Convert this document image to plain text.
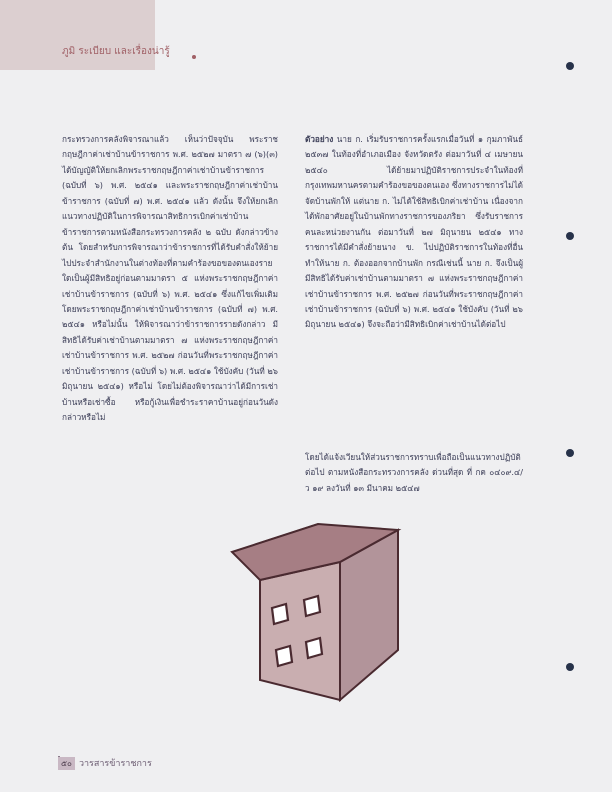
ภูมิ ระเบียบ และเรื่องน่ารู้

กระทรวงการคลังพิจารณาแล้ว เห็นว่าปัจจุบัน พระราชกฤษฎีกาค่าเช่าบ้านข้าราชการ พ.ศ. ๒๕๒๗ มาตรา ๗ (๖)(๓) ได้บัญญัติให้ยกเลิกพระราชกฤษฎีกาค่าเช่าบ้านข้าราชการ (ฉบับที่ ๖) พ.ศ. ๒๕๔๑ และพระราชกฤษฎีกาค่าเช่าบ้านข้าราชการ (ฉบับที่ ๗) พ.ศ. ๒๕๔๑ แล้ว ดังนั้น จึงให้ยกเลิกแนวทางปฏิบัติในการพิจารณาสิทธิการเบิกค่าเช่าบ้านข้าราชการตามหนังสือกระทรวงการคลัง ๒ ฉบับ ดังกล่าวข้างต้น โดยสำหรับการพิจารณาว่าข้าราชการที่ได้รับคำสั่งให้ย้ายไปประจำสำนักงานในต่างท้องที่ตามคำร้องขอของตนเองราย ใดเป็นผู้มีสิทธิอยู่ก่อนตามมาตรา ๕ แห่งพระราชกฤษฎีกาค่าเช่าบ้านข้าราชการ (ฉบับที่ ๖) พ.ศ. ๒๕๔๑ ซึ่งแก้ไขเพิ่มเติมโดยพระราชกฤษฎีกาค่าเช่าบ้านข้าราชการ (ฉบับที่ ๗) พ.ศ. ๒๕๔๑ หรือไม่นั้น ให้พิจารณาว่าข้าราชการรายดังกล่าว มีสิทธิได้รับค่าเช่าบ้านตามมาตรา ๗ แห่งพระราชกฤษฎีกาค่าเช่าบ้านข้าราชการ พ.ศ. ๒๕๒๗ ก่อนวันที่พระราชกฤษฎีกาค่าเช่าบ้านข้าราชการ (ฉบับที่ ๖) พ.ศ. ๒๕๔๑ ใช้บังคับ (วันที่ ๒๖ มิถุนายน ๒๕๔๑) หรือไม่ โดยไม่ต้องพิจารณาว่าได้มีการเช่าบ้านหรือเช่าซื้อ หรือกู้เงินเพื่อชำระราคาบ้านอยู่ก่อนวันดังกล่าวหรือไม่

ตัวอย่าง นาย ก. เริ่มรับราชการครั้งแรกเมื่อวันที่ ๑ กุมภาพันธ์ ๒๕๓๗ ในท้องที่อำเภอเมือง จังหวัดตรัง ต่อมาวันที่ ๔ เมษายน ๒๕๔๐ ได้ย้ายมาปฏิบัติราชการประจำในท้องที่กรุงเทพมหานครตามคำร้องขอของตนเอง ซึ่งทางราชการไม่ได้จัดบ้านพักให้ แต่นาย ก. ไม่ได้ใช้สิทธิเบิกค่าเช่าบ้าน เนื่องจากได้พักอาศัยอยู่ในบ้านพักทางราชการของภริยา ซึ่งรับราชการคนละหน่วยงานกัน ต่อมาวันที่ ๒๗ มิถุนายน ๒๕๔๑ ทางราชการได้มีคำสั่งย้ายนาง ข. ไปปฏิบัติราชการในท้องที่อื่น ทำให้นาย ก. ต้องออกจากบ้านพัก กรณีเช่นนี้ นาย ก. จึงเป็นผู้มีสิทธิได้รับค่าเช่าบ้านตามมาตรา ๗ แห่งพระราชกฤษฎีกาค่าเช่าบ้านข้าราชการ พ.ศ. ๒๕๒๗ ก่อนวันที่พระราชกฤษฎีกาค่าเช่าบ้านข้าราชการ (ฉบับที่ ๖) พ.ศ. ๒๕๔๑ ใช้บังคับ (วันที่ ๒๖ มิถุนายน ๒๕๔๑) จึงจะถือว่ามีสิทธิเบิกค่าเช่าบ้านได้ต่อไป

โดยได้แจ้งเวียนให้ส่วนราชการทราบเพื่อถือเป็นแนวทางปฏิบัติต่อไป ตามหนังสือกระทรวงการคลัง ด่วนที่สุด ที่ กค ๐๔๐๙.๔/ว ๑๙ ลงวันที่ ๑๓ มีนาคม ๒๕๔๗

๕๐ วารสารข้าราชการ
